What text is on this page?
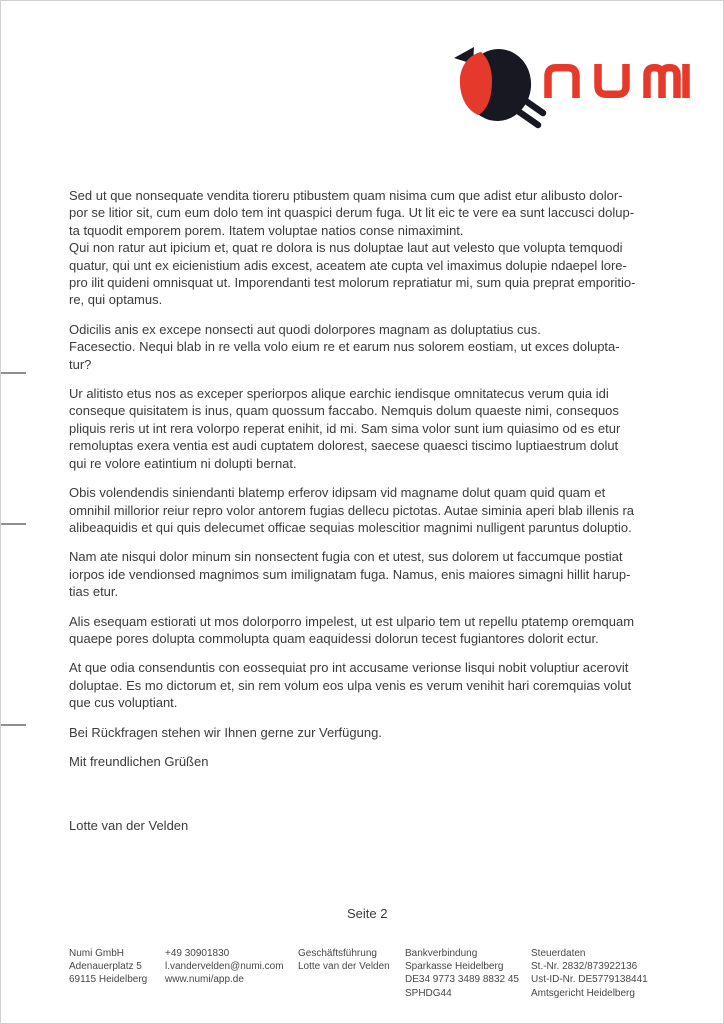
Sed ut que nonsequate vendita tioreru ptibustem quam nisima cum que adist etur alibusto dolor-
por se litior sit, cum eum dolo tem int quaspici derum fuga. Ut lit eic te vere ea sunt laccusci dolup-
ta tquodit emporem porem. Itatem voluptae natios conse nimaximint.
Qui non ratur aut ipicium et, quat re dolora is nus doluptae laut aut velesto que volupta temquodi
quatur, qui unt ex eicienistium adis excest, aceatem ate cupta vel imaximus dolupie ndaepel lore-
pro ilit quideni omnisquat ut. Imporendanti test molorum repratiatur mi, sum quia preprat emporitio-
re, qui optamus.
Odicilis anis ex excepe nonsecti aut quodi dolorpores magnam as doluptatius cus.
Facesectio. Nequi blab in re vella volo eium re et earum nus solorem eostiam, ut exces dolupta-
tur?
Ur alitisto etus nos as exceper speriorpos alique earchic iendisque omnitatecus verum quia idi
conseque quisitatem is inus, quam quossum faccabo. Nemquis dolum quaeste nimi, consequos
pliquis reris ut int rera volorpo reperat enihit, id mi. Sam sima volor sunt ium quiasimo od es etur
remoluptas exera ventia est audi cuptatem dolorest, saecese quaesci tiscimo luptiaestrum dolut
qui re volore eatintium ni dolupti bernat.
Obis volendendis siniendanti blatemp erferov idipsam vid magname dolut quam quid quam et
omnihil millorior reiur repro volor antorem fugias dellecu pictotas. Autae siminia aperi blab illenis ra
alibeaquidis et qui quis delecumet officae sequias molescitior magnimi nulligent paruntus doluptio.
Nam ate nisqui dolor minum sin nonsectent fugia con et utest, sus dolorem ut faccumque postiat
iorpos ide vendionsed magnimos sum imilignatam fuga. Namus, enis maiores simagni hillit harup-
tias etur.
Alis esequam estiorati ut mos dolorporro impelest, ut est ulpario tem ut repellu ptatemp oremquam
quaepe pores dolupta commolupta quam eaquidessi dolorun tecest fugiantores dolorit ectur.
At que odia consenduntis con eossequiat pro int accusame verionse lisqui nobit voluptiur acerovit
doluptae. Es mo dictorum et, sin rem volum eos ulpa venis es verum venihit hari coremquias volut
que cus voluptiant.
Bei Rückfragen stehen wir Ihnen gerne zur Verfügung.
Mit freundlichen Grüßen
Lotte van der Velden
Seite 2
Numi GmbH
Adenauerplatz 5
69115 Heidelberg
+49 30901830
l.vandervelden@numi.com
www.numi/app.de
Geschäftsführung
Lotte van der Velden
Bankverbindung
Sparkasse Heidelberg
DE34 9773 3489 8832 45
SPHDG44
Steuerdaten
St.-Nr. 2832/873922136
Ust-ID-Nr. DE5779138441
Amtsgericht Heidelberg
